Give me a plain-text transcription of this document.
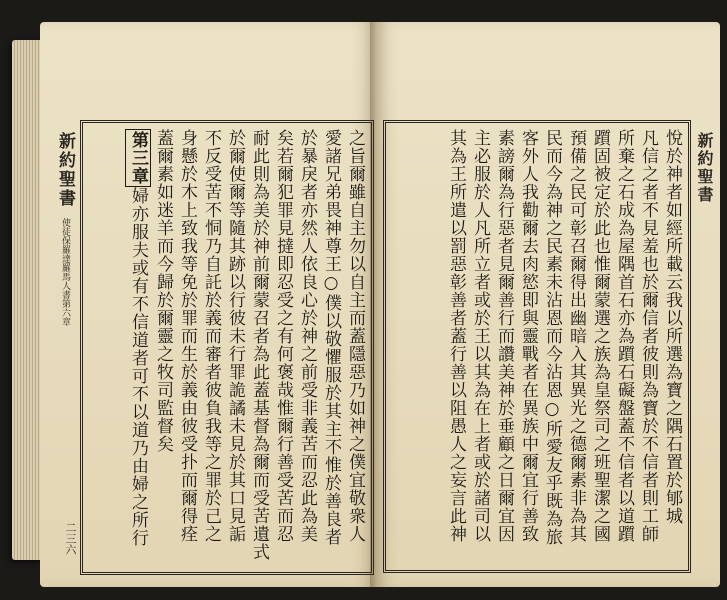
新約聖書 使徒保羅達羅馬人書第六章
二三六	之旨爾雖自主勿以自主而蓋隱惡乃如神之僕宜敬衆人
愛諸兄弟畏神尊王○僕以敬懼服於其主不惟於善良者
於暴戾者亦然人依良心於神之前受非義苦而忍此為美
矣若爾犯罪見撻即忍受之有何褒哉惟爾行善受苦而忍
耐此則為美於神前爾蒙召者為此蓋基督為爾而受苦遺式
於爾使爾等隨其跡以行彼未行罪詭譎未見於其口見詬
不反受苦不恫乃自託於義而審者彼負我等之罪於己之
身懸於木上致我等免於罪而生於義由彼受扑而爾得痊
蓋爾素如迷羊而今歸於爾靈之牧司監督矣
第三章婦亦服夫或有不信道者可不以道乃由婦之所行
新約聖書
悅於神者如經所載云我以所選為寶之隅石置於郇城
凡信之者不見羞也於爾信者彼則為寶於不信者則工師
所棄之石成為屋隅首石亦為躓石礙盤蓋不信者以道躓
躓固被定於此也惟爾蒙選之族為皇祭司之班聖潔之國
預備之民可彰召爾得出幽暗入其異光之德爾素非為其
民而今為神之民素未沾恩而今沾恩○所愛友乎既為旅
客外人我勸爾去肉慾即與靈戰者在異族中爾宜行善致
素謗爾為行惡者見爾善行而讚美神於垂顧之日爾宜因
主必服於人凡所立者或於王以其為在上者或於諸司以
其為王所遣以罰惡彰善者蓋行善以阻愚人之妄言此神
